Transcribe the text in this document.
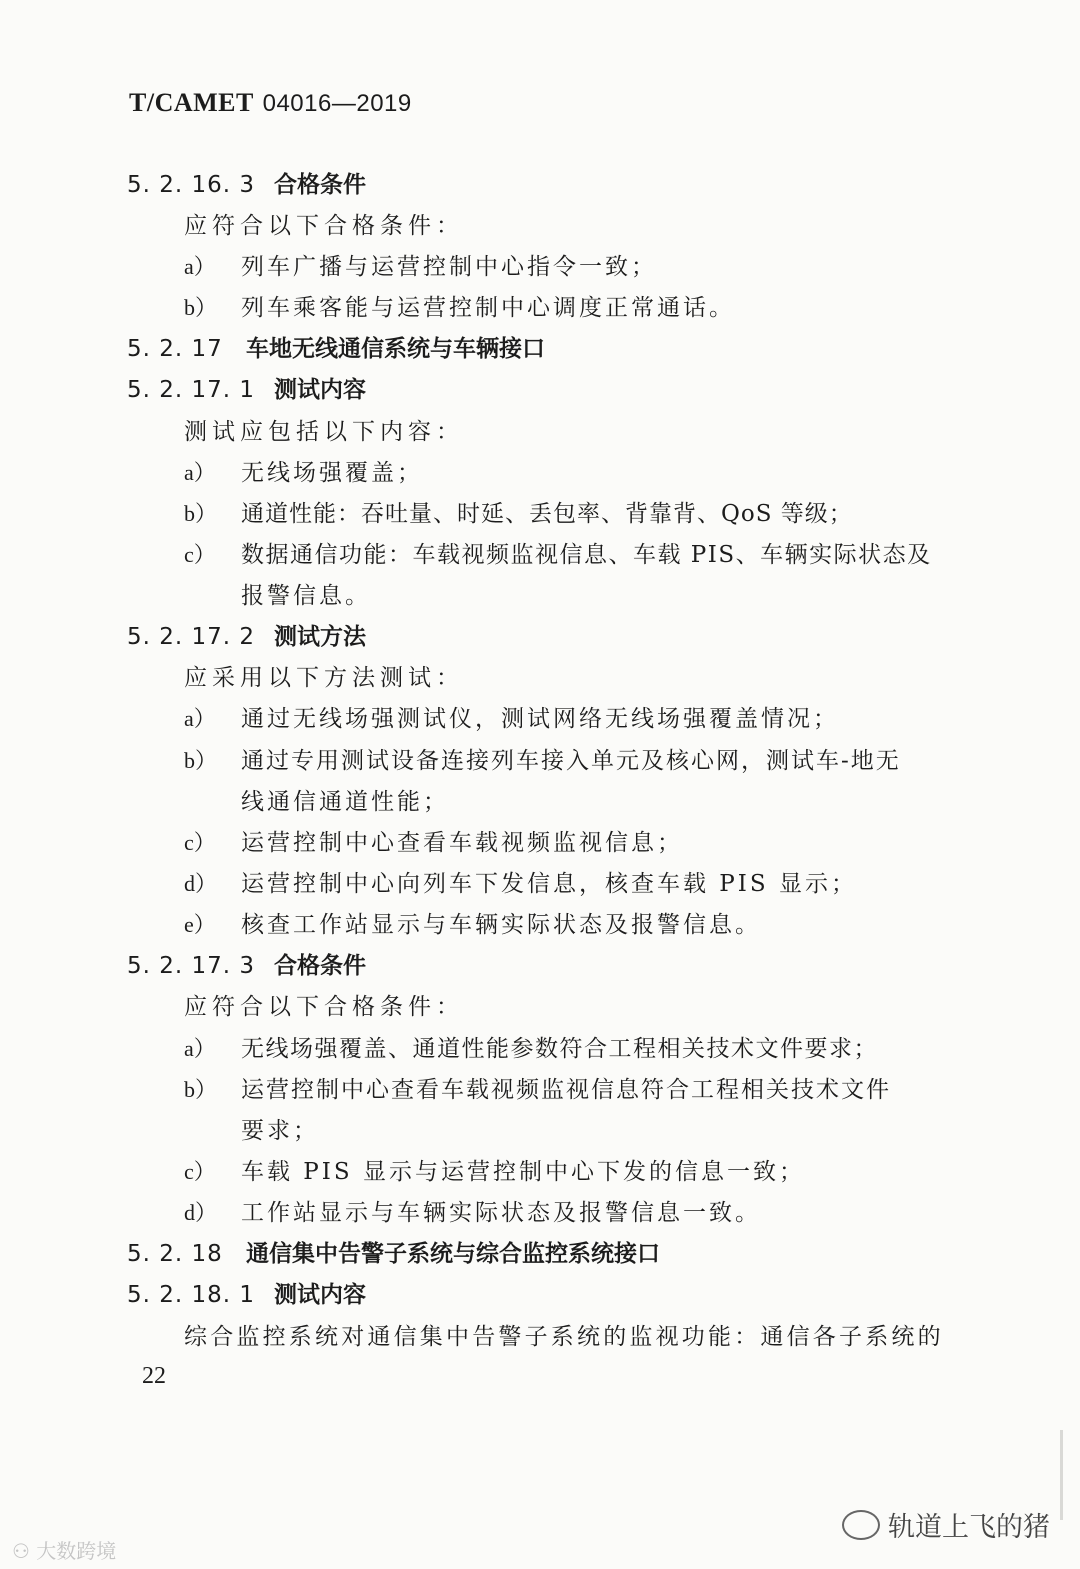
T/CAMET 04016—2019
5. 2. 16. 3 合格条件
应符合以下合格条件：
a） 列车广播与运营控制中心指令一致；
b） 列车乘客能与运营控制中心调度正常通话。
5. 2. 17 车地无线通信系统与车辆接口
5. 2. 17. 1 测试内容
测试应包括以下内容：
a） 无线场强覆盖；
b） 通道性能：吞吐量、时延、丢包率、背靠背、QoS 等级；
c） 数据通信功能：车载视频监视信息、车载 PIS、车辆实际状态及
报警信息。
5. 2. 17. 2 测试方法
应采用以下方法测试：
a） 通过无线场强测试仪，测试网络无线场强覆盖情况；
b） 通过专用测试设备连接列车接入单元及核心网，测试车-地无
线通信通道性能；
c） 运营控制中心查看车载视频监视信息；
d） 运营控制中心向列车下发信息，核查车载 PIS 显示；
e） 核查工作站显示与车辆实际状态及报警信息。
5. 2. 17. 3 合格条件
应符合以下合格条件：
a） 无线场强覆盖、通道性能参数符合工程相关技术文件要求；
b） 运营控制中心查看车载视频监视信息符合工程相关技术文件
要求；
c） 车载 PIS 显示与运营控制中心下发的信息一致；
d） 工作站显示与车辆实际状态及报警信息一致。
5. 2. 18 通信集中告警子系统与综合监控系统接口
5. 2. 18. 1 测试内容
综合监控系统对通信集中告警子系统的监视功能：通信各子系统的
22
⚇ 大数跨境
轨道上飞的猪
